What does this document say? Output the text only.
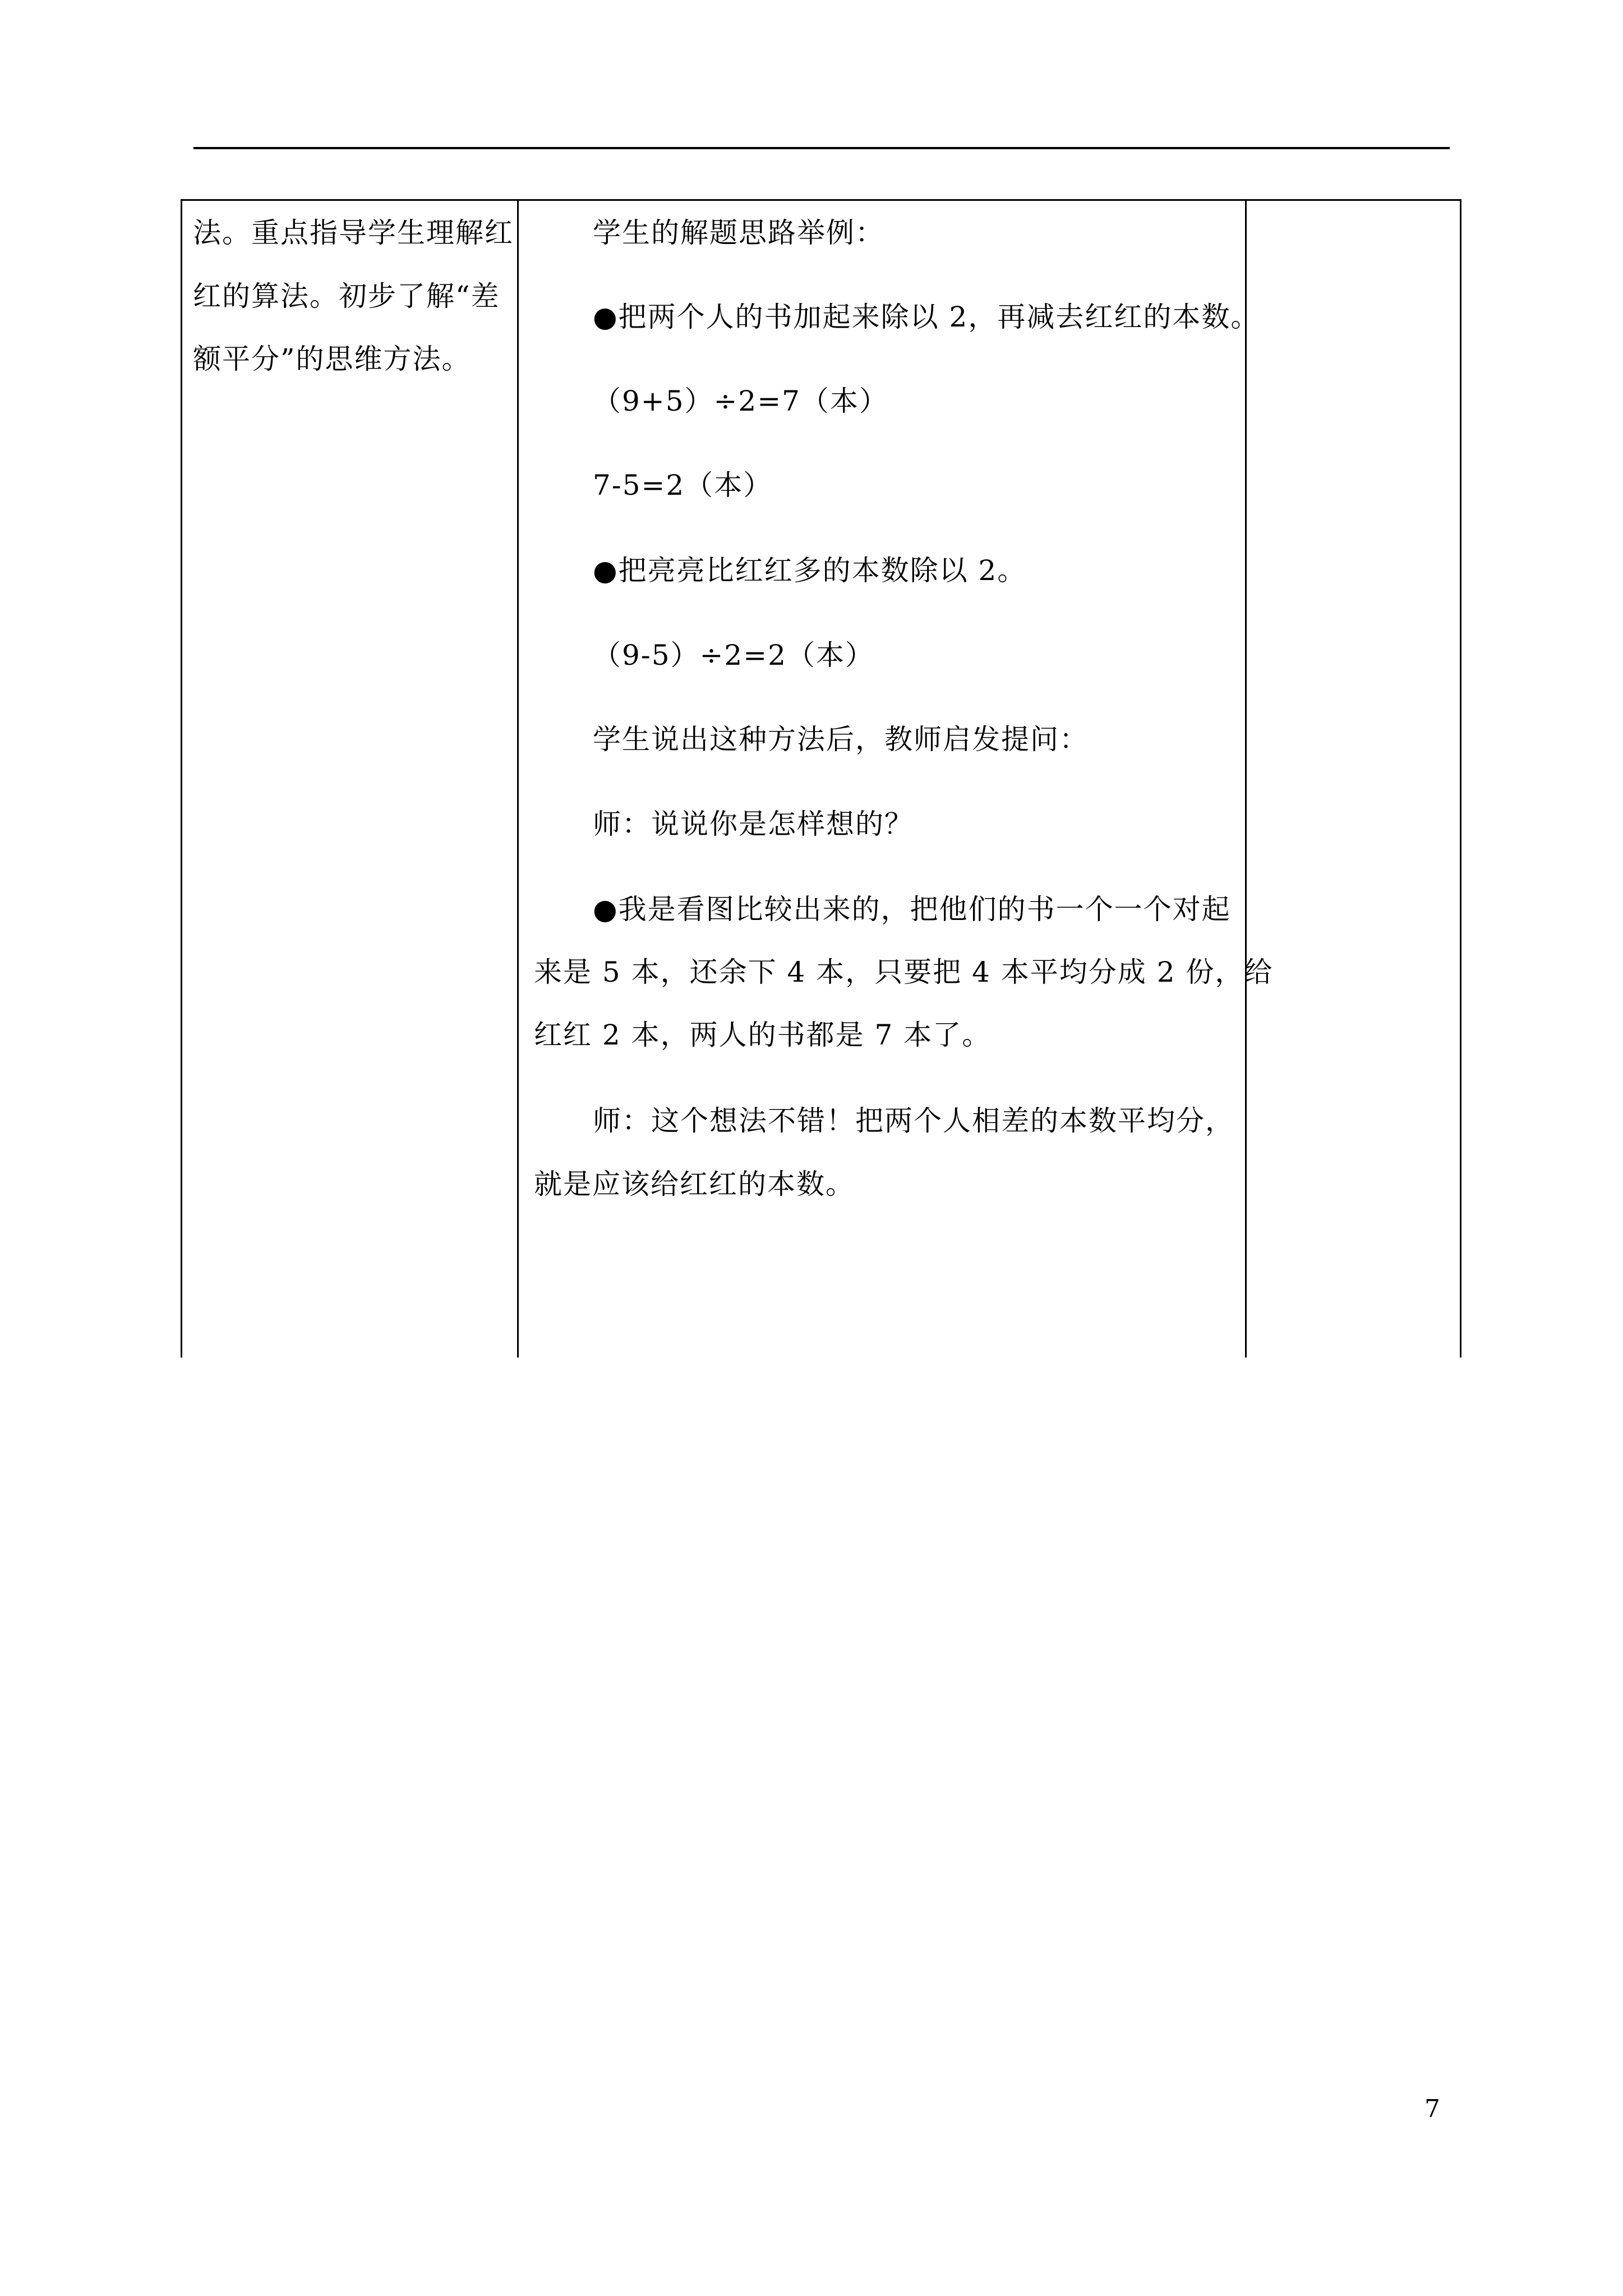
法。重点指导学生理解红
红的算法。初步了解“差
额平分”的思维方法。
学生的解题思路举例：
●把两个人的书加起来除以 2，再减去红红的本数。
（9+5）÷2=7（本）
7-5=2（本）
●把亮亮比红红多的本数除以 2。
（9-5）÷2=2（本）
学生说出这种方法后，教师启发提问：
师：说说你是怎样想的？
●我是看图比较出来的，把他们的书一个一个对起
来是 5 本，还余下 4 本，只要把 4 本平均分成 2 份，给
红红 2 本，两人的书都是 7 本了。
师：这个想法不错！把两个人相差的本数平均分，
就是应该给红红的本数。
7
